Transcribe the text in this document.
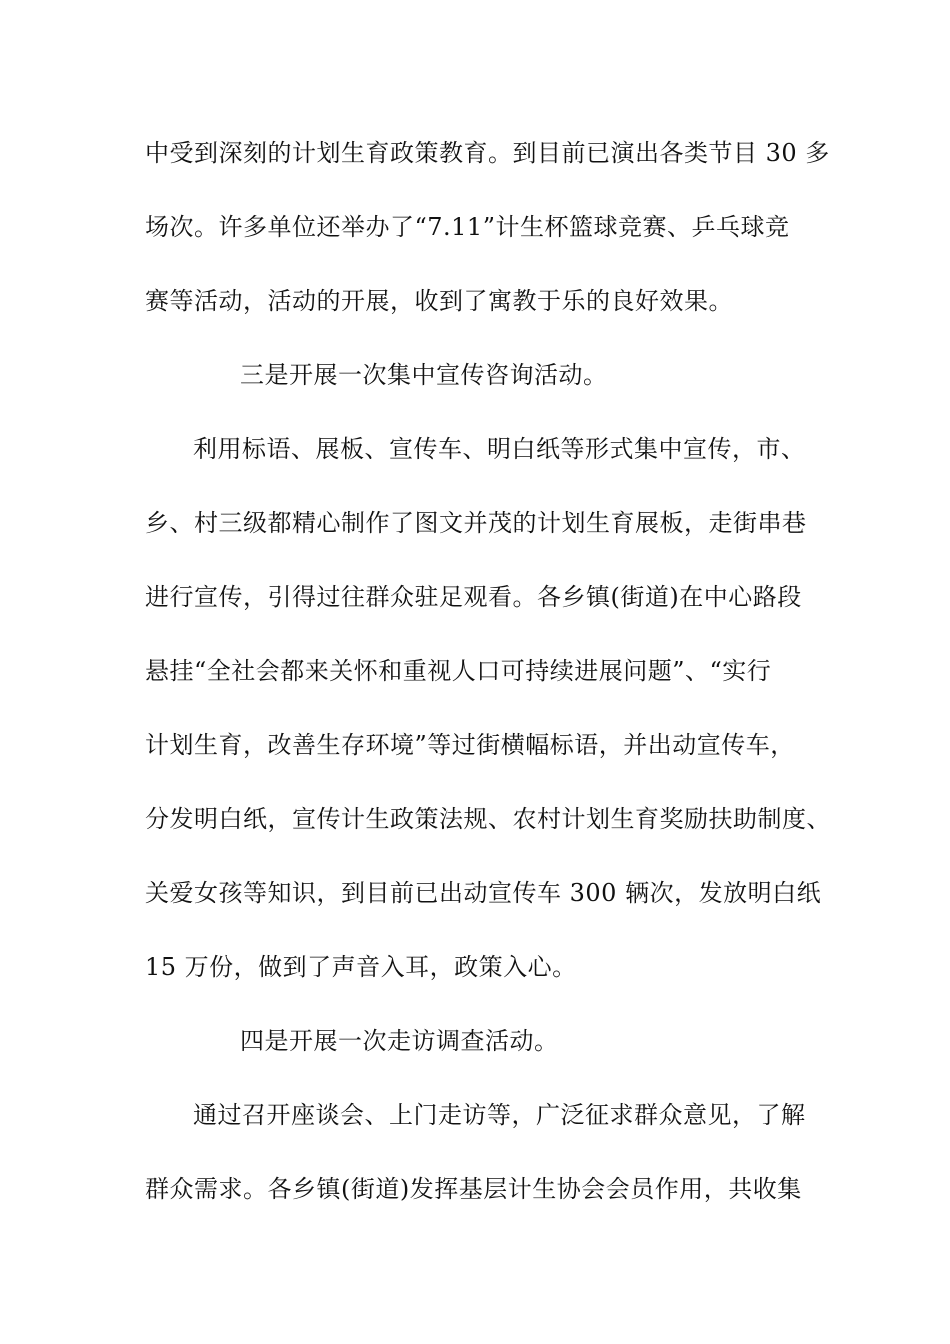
中受到深刻的计划生育政策教育。到目前已演出各类节目 30 多
场次。许多单位还举办了“7.11”计生杯篮球竞赛、乒乓球竞
赛等活动，活动的开展，收到了寓教于乐的良好效果。
三是开展一次集中宣传咨询活动。
利用标语、展板、宣传车、明白纸等形式集中宣传，市、
乡、村三级都精心制作了图文并茂的计划生育展板，走街串巷
进行宣传，引得过往群众驻足观看。各乡镇(街道)在中心路段
悬挂“全社会都来关怀和重视人口可持续进展问题”、“实行
计划生育，改善生存环境”等过街横幅标语，并出动宣传车，
分发明白纸，宣传计生政策法规、农村计划生育奖励扶助制度、
关爱女孩等知识，到目前已出动宣传车 300 辆次，发放明白纸
15 万份，做到了声音入耳，政策入心。
四是开展一次走访调查活动。
通过召开座谈会、上门走访等，广泛征求群众意见，了解
群众需求。各乡镇(街道)发挥基层计生协会会员作用，共收集
